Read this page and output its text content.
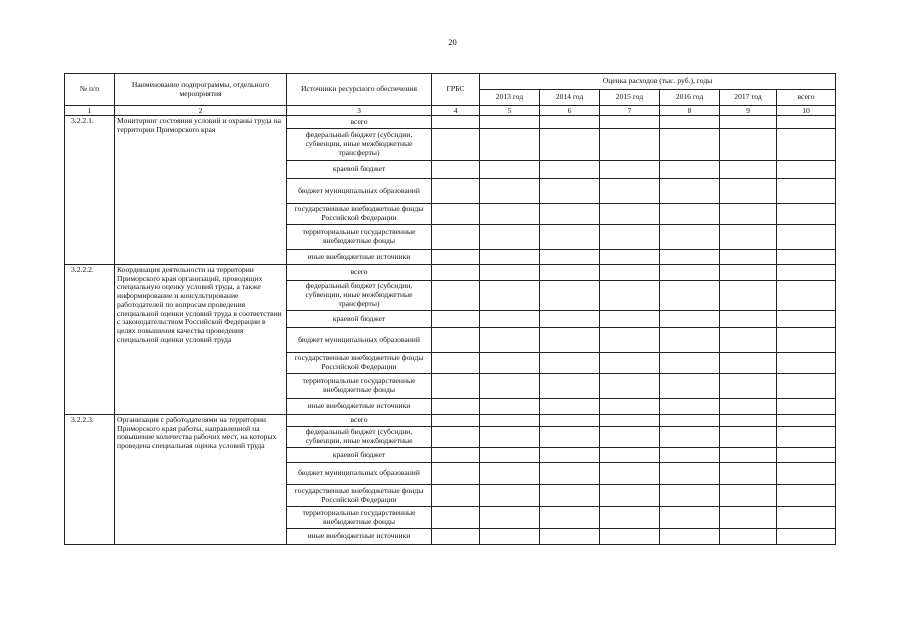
20
№ п/п	Наименование подпрограммы, отдельного мероприятия	Источники ресурсного обеспечения	ГРБС	Оценка расходов (тыс. руб.), годы					
				2013 год	2014 год	2015 год	2016 год	2017 год	всего
1	2	3	4	5	6	7	8	9	10
3.2.2.1.	Мониторинг состояния условий и охраны труда на территории Приморского края	всего							
		федеральный бюджет (субсидии, субвенции, иные межбюджетные трансферты)							
		краевой бюджет							
		бюджет муниципальных образований							
		государственные внебюджетные фонды Российской Федерации							
		территориальные государственные внебюджетные фонды							
		иные внебюджетные источники							
3.2.2.2.	Координация деятельности на территории Приморского края организаций, проводящих специальную оценку условий труда, а также информирование и консультирование работодателей по вопросам проведения специальной оценки условий труда в соответствии с законодательством Российской Федерации в целях повышения качества проведения специальной оценки условий труда	всего							
		федеральный бюджет (субсидии, субвенции, иные межбюджетные трансферты)							
		краевой бюджет							
		бюджет муниципальных образований							
		государственные внебюджетные фонды Российской Федерации							
		территориальные государственные внебюджетные фонды							
		иные внебюджетные источники							
3.2.2.3.	Организация с работодателями на территории Приморского края работы, направленной на повышение количества рабочих мест, на которых проведена специальная оценка условий труда	всего							
		федеральный бюджет (субсидии, субвенции, иные межбюджетные							
		краевой бюджет							
		бюджет муниципальных образований							
		государственные внебюджетные фонды Российской Федерации							
		территориальные государственные внебюджетные фонды							
		иные внебюджетные источники							
